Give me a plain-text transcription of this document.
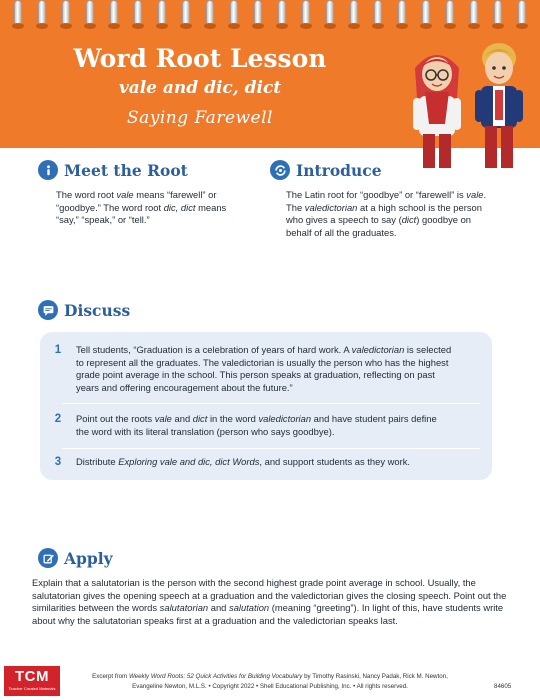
Word Root Lesson
vale and dic, dict
Saying Farewell
Meet the Root
The word root vale means “farewell” or “goodbye.” The word root dic, dict means “say,” “speak,” or “tell.”
Introduce
The Latin root for “goodbye” or “farewell” is vale. The valedictorian at a high school is the person who gives a speech to say (dict) goodbye on behalf of all the graduates.
Discuss
1	Tell students, “Graduation is a celebration of years of hard work. A valedictorian is selected to represent all the graduates. The valedictorian is usually the person who has the highest grade point average in the school. This person speaks at graduation, reflecting on past years and offering encouragement about the future.”
2	Point out the roots vale and dict in the word valedictorian and have student pairs define the word with its literal translation (person who says goodbye).
3	Distribute Exploring vale and dic, dict Words, and support students as they work.
Apply
Explain that a salutatorian is the person with the second highest grade point average in school. Usually, the salutatorian gives the opening speech at a graduation and the valedictorian gives the closing speech. Point out the similarities between the words salutatorian and salutation (meaning “greeting”). In light of this, have students write about why the salutatorian speaks first at a graduation and the valedictorian speaks last.
TCM
Teacher Created Materials
Excerpt from Weekly Word Roots: 52 Quick Activities for Building Vocabulary by Timothy Rasinski, Nancy Padak, Rick M. Newton,
Evangeline Newton, M.L.S. • Copyright 2022 • Shell Educational Publishing, Inc. • All rights reserved.	84605
